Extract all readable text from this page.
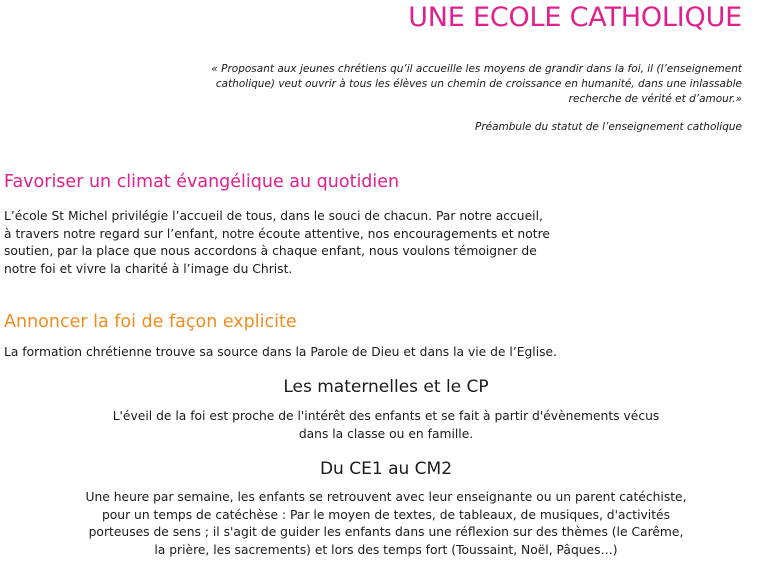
UNE ECOLE CATHOLIQUE
« Proposant aux jeunes chrétiens qu’il accueille les moyens de grandir dans la foi, il (l’enseignement
catholique) veut ouvrir à tous les élèves un chemin de croissance en humanité, dans une inlassable
recherche de vérité et d’amour.»
Préambule du statut de l’enseignement catholique
Favoriser un climat évangélique au quotidien
L’école St Michel privilégie l’accueil de tous, dans le souci de chacun. Par notre accueil,
à travers notre regard sur l’enfant, notre écoute attentive, nos encouragements et notre
soutien, par la place que nous accordons à chaque enfant, nous voulons témoigner de
notre foi et vivre la charité à l’image du Christ.
Annoncer la foi de façon explicite

La formation chrétienne trouve sa source dans la Parole de Dieu et dans la vie de l’Eglise.

Les maternelles et le CP
L'éveil de la foi est proche de l'intérêt des enfants et se fait à partir d'évènements vécus
dans la classe ou en famille.
Du CE1 au CM2
Une heure par semaine, les enfants se retrouvent avec leur enseignante ou un parent catéchiste,
pour un temps de catéchèse : Par le moyen de textes, de tableaux, de musiques, d'activités
porteuses de sens ; il s'agit de guider les enfants dans une réflexion sur des thèmes (le Carême,
la prière, les sacrements) et lors des temps fort (Toussaint, Noël, Pâques…)
